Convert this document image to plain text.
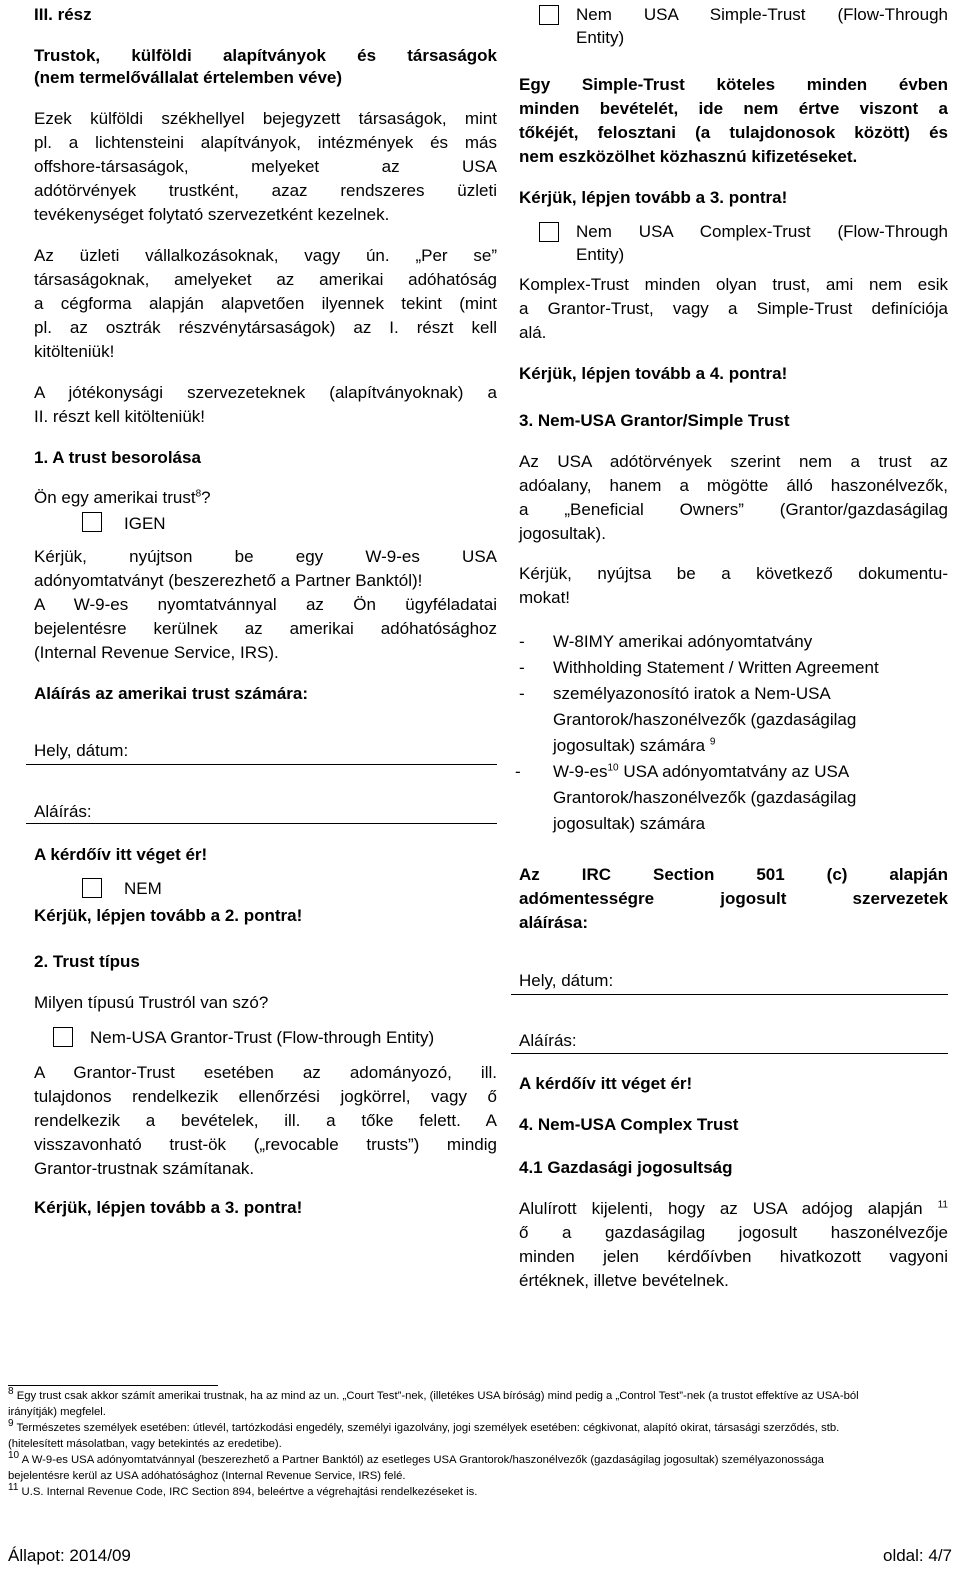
III. rész

Trustok, külföldi alapítványok és társaságok

(nem termelővállalat értelemben véve)

Ezek külföldi székhellyel bejegyzett társaságok, mint

pl. a lichtensteini alapítványok, intézmények és más

offshore-társaságok, melyeket az USA

adótörvények trustként, azaz rendszeres üzleti

tevékenységet folytató szervezetként kezelnek.

Az üzleti vállalkozásoknak, vagy ún. „Per se”

társaságoknak, amelyeket az amerikai adóhatóság

a cégforma alapján alapvetően ilyennek tekint (mint

pl. az osztrák részvénytársaságok) az I. részt kell

kitölteniük!

A jótékonysági szervezeteknek (alapítványoknak) a

II. részt kell kitölteniük!

1. A trust besorolása

Ön egy amerikai trust$^8$?

IGEN

Kérjük, nyújtson be egy W-9-es USA

adónyomtatványt (beszerezhető a Partner Banktól)!

A W-9-es nyomtatvánnyal az Ön ügyféladatai

bejelentésre kerülnek az amerikai adóhatósághoz

(Internal Revenue Service, IRS).

Aláírás az amerikai trust számára:

Hely, dátum:

Aláírás:

A kérdőív itt véget ér!

NEM

Kérjük, lépjen tovább a 2. pontra!

2. Trust típus

Milyen típusú Trustról van szó?

Nem-USA Grantor-Trust (Flow-through Entity)

A Grantor-Trust esetében az adományozó, ill.

tulajdonos rendelkezik ellenőrzési jogkörrel, vagy ő

rendelkezik a bevételek, ill. a tőke felett. A

visszavonható trust-ök („revocable trusts”) mindig

Grantor-trustnak számítanak.

Kérjük, lépjen tovább a 3. pontra!

Nem USA Simple-Trust (Flow-Through

Entity)

Egy Simple-Trust köteles minden évben

minden bevételét, ide nem értve viszont a

tőkéjét, felosztani (a tulajdonosok között) és

nem eszközölhet közhasznú kifizetéseket.

Kérjük, lépjen tovább a 3. pontra!

Nem USA Complex-Trust (Flow-Through

Entity)

Komplex-Trust minden olyan trust, ami nem esik

a Grantor-Trust, vagy a Simple-Trust definíciója

alá.

Kérjük, lépjen tovább a 4. pontra!

3. Nem-USA Grantor/Simple Trust

Az USA adótörvények szerint nem a trust az

adóalany, hanem a mögötte álló haszonélvezők,

a „Beneficial Owners” (Grantor/gazdaságilag

jogosultak).

Kérjük, nyújtsa be a következő dokumentu-

mokat!

-	W-8IMY amerikai adónyomtatvány

-	Withholding Statement / Written Agreement

-	személyazonosító iratok a Nem-USA

Grantorok/haszonélvezők (gazdaságilag

jogosultak) számára $^9$

-	$W-9-es^{10}$ USA adónyomtatvány az USA

Grantorok/haszonélvezők (gazdaságilag

jogosultak) számára

Az IRC Section 501 (c) alapján

adómentességre jogosult szervezetek

aláírása:

Hely, dátum:

Aláírás:

A kérdőív itt véget ér!

4. Nem-USA Complex Trust

4.1 Gazdasági jogosultság

Alulírott kijelenti, hogy az USA adójog alapján $^{11}$

ő a gazdaságilag jogosult haszonélvezője

minden jelen kérdőívben hivatkozott vagyoni

értéknek, illetve bevételnek.

$^8$ Egy trust csak akkor számít amerikai trustnak, ha az mind az un. „Court Test”-nek, (illetékes USA bíróság) mind pedig a „Control Test”-nek (a trustot effektíve az USA-ból

irányítják) megfelel.

$^9$ Természetes személyek esetében: útlevél, tartózkodási engedély, személyi igazolvány, jogi személyek esetében: cégkivonat, alapító okirat, társasági szerződés, stb.

(hitelesített másolatban, vagy betekintés az eredetibe).

$^{10}$ A W-9-es USA adónyomtatvánnyal (beszerezhető a Partner Banktól) az esetleges USA Grantorok/haszonélvezők (gazdaságilag jogosultak) személyazonossága

bejelentésre kerül az USA adóhatósághoz (Internal Revenue Service, IRS) felé.

$^{11}$ U.S. Internal Revenue Code, IRC Section 894, beleértve a végrehajtási rendelkezéseket is.

Állapot: 2014/09	oldal: 4/7
